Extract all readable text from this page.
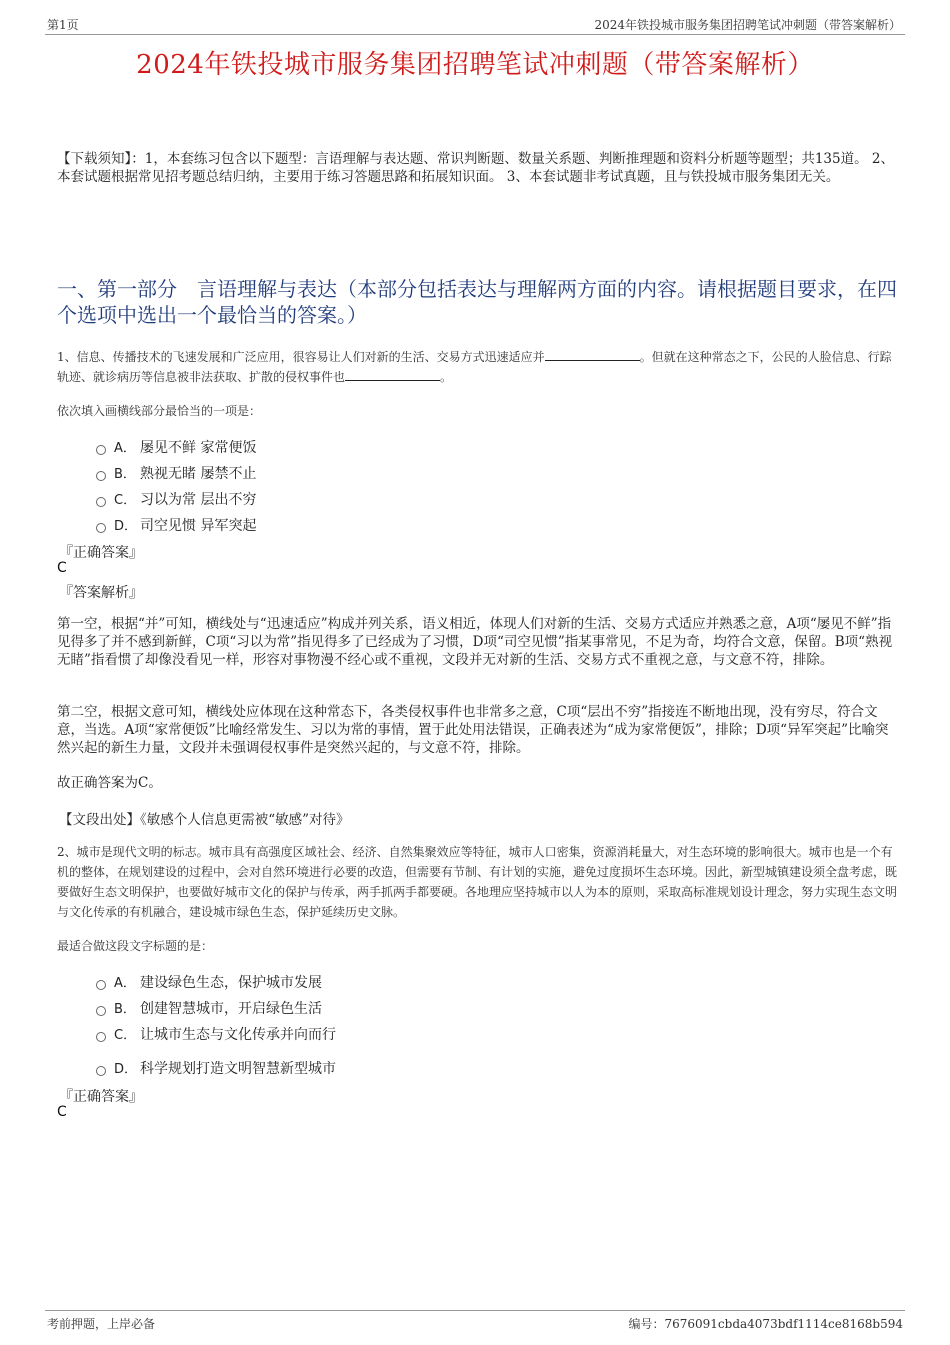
第1页	2024年铁投城市服务集团招聘笔试冲刺题（带答案解析）
2024年铁投城市服务集团招聘笔试冲刺题（带答案解析）
【下载须知】：1，本套练习包含以下题型：言语理解与表达题、常识判断题、数量关系题、判断推理题和资料分析题等题型；共135道。 2、本套试题根据常见招考题总结归纳，主要用于练习答题思路和拓展知识面。 3、本套试题非考试真题，且与铁投城市服务集团无关。
一、第一部分　言语理解与表达（本部分包括表达与理解两方面的内容。请根据题目要求，在四个选项中选出一个最恰当的答案。）
1、信息、传播技术的飞速发展和广泛应用，很容易让人们对新的生活、交易方式迅速适应并	。但就在这种常态之下，公民的人脸信息、行踪轨迹、就诊病历等信息被非法获取、扩散的侵权事件也	。
依次填入画横线部分最恰当的一项是：
A． 屡见不鲜 家常便饭
B． 熟视无睹 屡禁不止
C． 习以为常 层出不穷
D． 司空见惯 异军突起
『正确答案』
C
『答案解析』
第一空，根据“并”可知，横线处与“迅速适应”构成并列关系，语义相近，体现人们对新的生活、交易方式适应并熟悉之意，A项“屡见不鲜”指见得多了并不感到新鲜，C项“习以为常”指见得多了已经成为了习惯，D项“司空见惯”指某事常见，不足为奇，均符合文意，保留。B项“熟视无睹”指看惯了却像没看见一样，形容对事物漫不经心或不重视，文段并无对新的生活、交易方式不重视之意，与文意不符，排除。
第二空，根据文意可知，横线处应体现在这种常态下，各类侵权事件也非常多之意，C项“层出不穷”指接连不断地出现，没有穷尽，符合文意，当选。A项“家常便饭”比喻经常发生、习以为常的事情，置于此处用法错误，正确表述为“成为家常便饭”，排除；D项“异军突起”比喻突然兴起的新生力量，文段并未强调侵权事件是突然兴起的，与文意不符，排除。
故正确答案为C。
【文段出处】《敏感个人信息更需被“敏感”对待》
2、城市是现代文明的标志。城市具有高强度区域社会、经济、自然集聚效应等特征，城市人口密集，资源消耗量大，对生态环境的影响很大。城市也是一个有机的整体，在规划建设的过程中，会对自然环境进行必要的改造，但需要有节制、有计划的实施，避免过度损坏生态环境。因此，新型城镇建设须全盘考虑，既要做好生态文明保护，也要做好城市文化的保护与传承，两手抓两手都要硬。各地理应坚持城市以人为本的原则，采取高标准规划设计理念，努力实现生态文明与文化传承的有机融合，建设城市绿色生态，保护延续历史文脉。
最适合做这段文字标题的是：
A． 建设绿色生态，保护城市发展
B． 创建智慧城市，开启绿色生活
C． 让城市生态与文化传承并向而行
D． 科学规划打造文明智慧新型城市
『正确答案』
C
考前押题，上岸必备	编号：7676091cbda4073bdf1114ce8168b594
